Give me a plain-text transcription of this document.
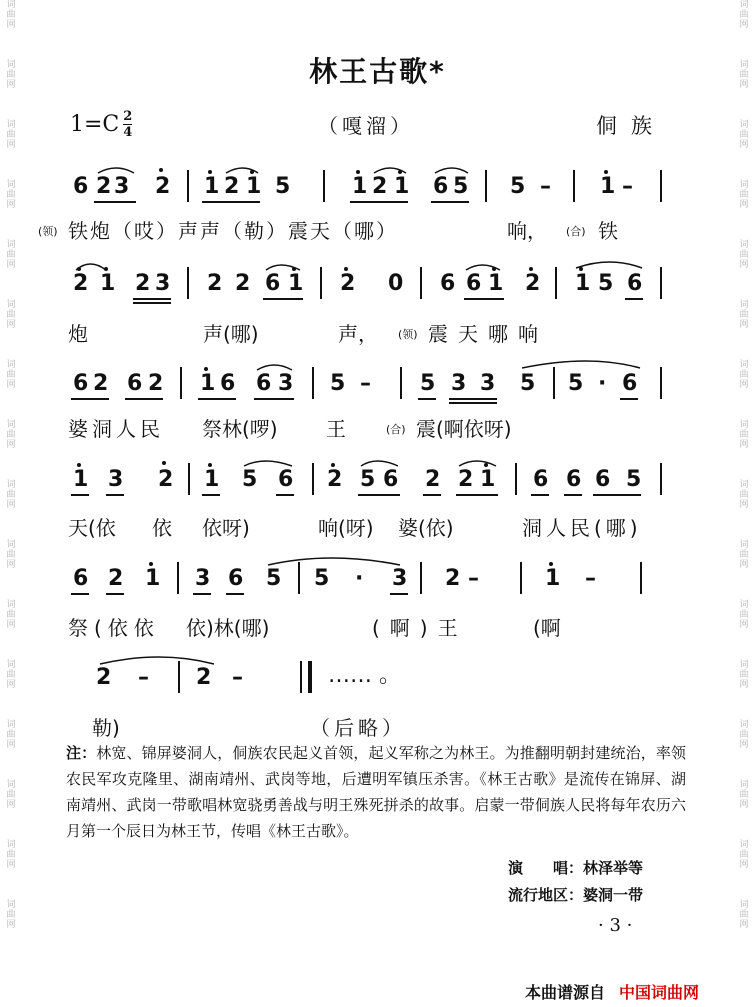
词
曲
网
词
曲
网
词
曲
网
词
曲
网
词
曲
网
词
曲
网
词
曲
网
词
曲
网
词
曲
网
词
曲
网
词
曲
网
词
曲
网
词
曲
网
词
曲
网
词
曲
网
词
曲
网
词
曲
网
词
曲
网
词
曲
网
词
曲
网
词
曲
网
词
曲
网
词
曲
网
词
曲
网
词
曲
网
词
曲
网
词
曲
网
词
曲
网
词
曲
网
词
曲
网
词
曲
网
词
曲
网
林王古歌*
$1=C \frac{2}{4}$	（嘎溜）	侗族
6 2 3 2 1 2 1 5	1 2 1 6 5 5 – 1 –
(领) 铁炮（哎）声声（勒）震天（哪）	响， (合) 铁
2 1 2 3 2 2 6 1 2 0 6 6 1 2 1 5 6
炮	声(哪)	声， (领) 震天哪响
6 2 6 2 1 6 6 3 5 – 5 3 3 5 5 · 6
婆洞人民 祭林(啰) 王	(合) 震(啊依呀)
1 3 2 1 5 6 2 5 6 2 2 1 6 6 6 5
天(依 依 依呀)	响(呀) 婆(依)	洞人民(哪)
6 2 1 3 6 5 5 · 3 2 –	1 –
祭(依依 依)林(哪)	(啊)王	(啊
2 – 2 –	…… 。
勒)	（后略）
注：林宽、锦屏婆洞人，侗族农民起义首领，起义军称之为林王。为推翻明朝封建统治，率领农民军攻克隆里、湖南靖州、武岗等地，后遭明军镇压杀害。《林王古歌》是流传在锦屏、湖南靖州、武岗一带歌唱林宽骁勇善战与明王殊死拼杀的故事。启蒙一带侗族人民将每年农历六月第一个辰日为林王节，传唱《林王古歌》。
演　　唱：林泽举等
流行地区：婆洞一带
· 3 ·
本曲谱源自 中国词曲网
